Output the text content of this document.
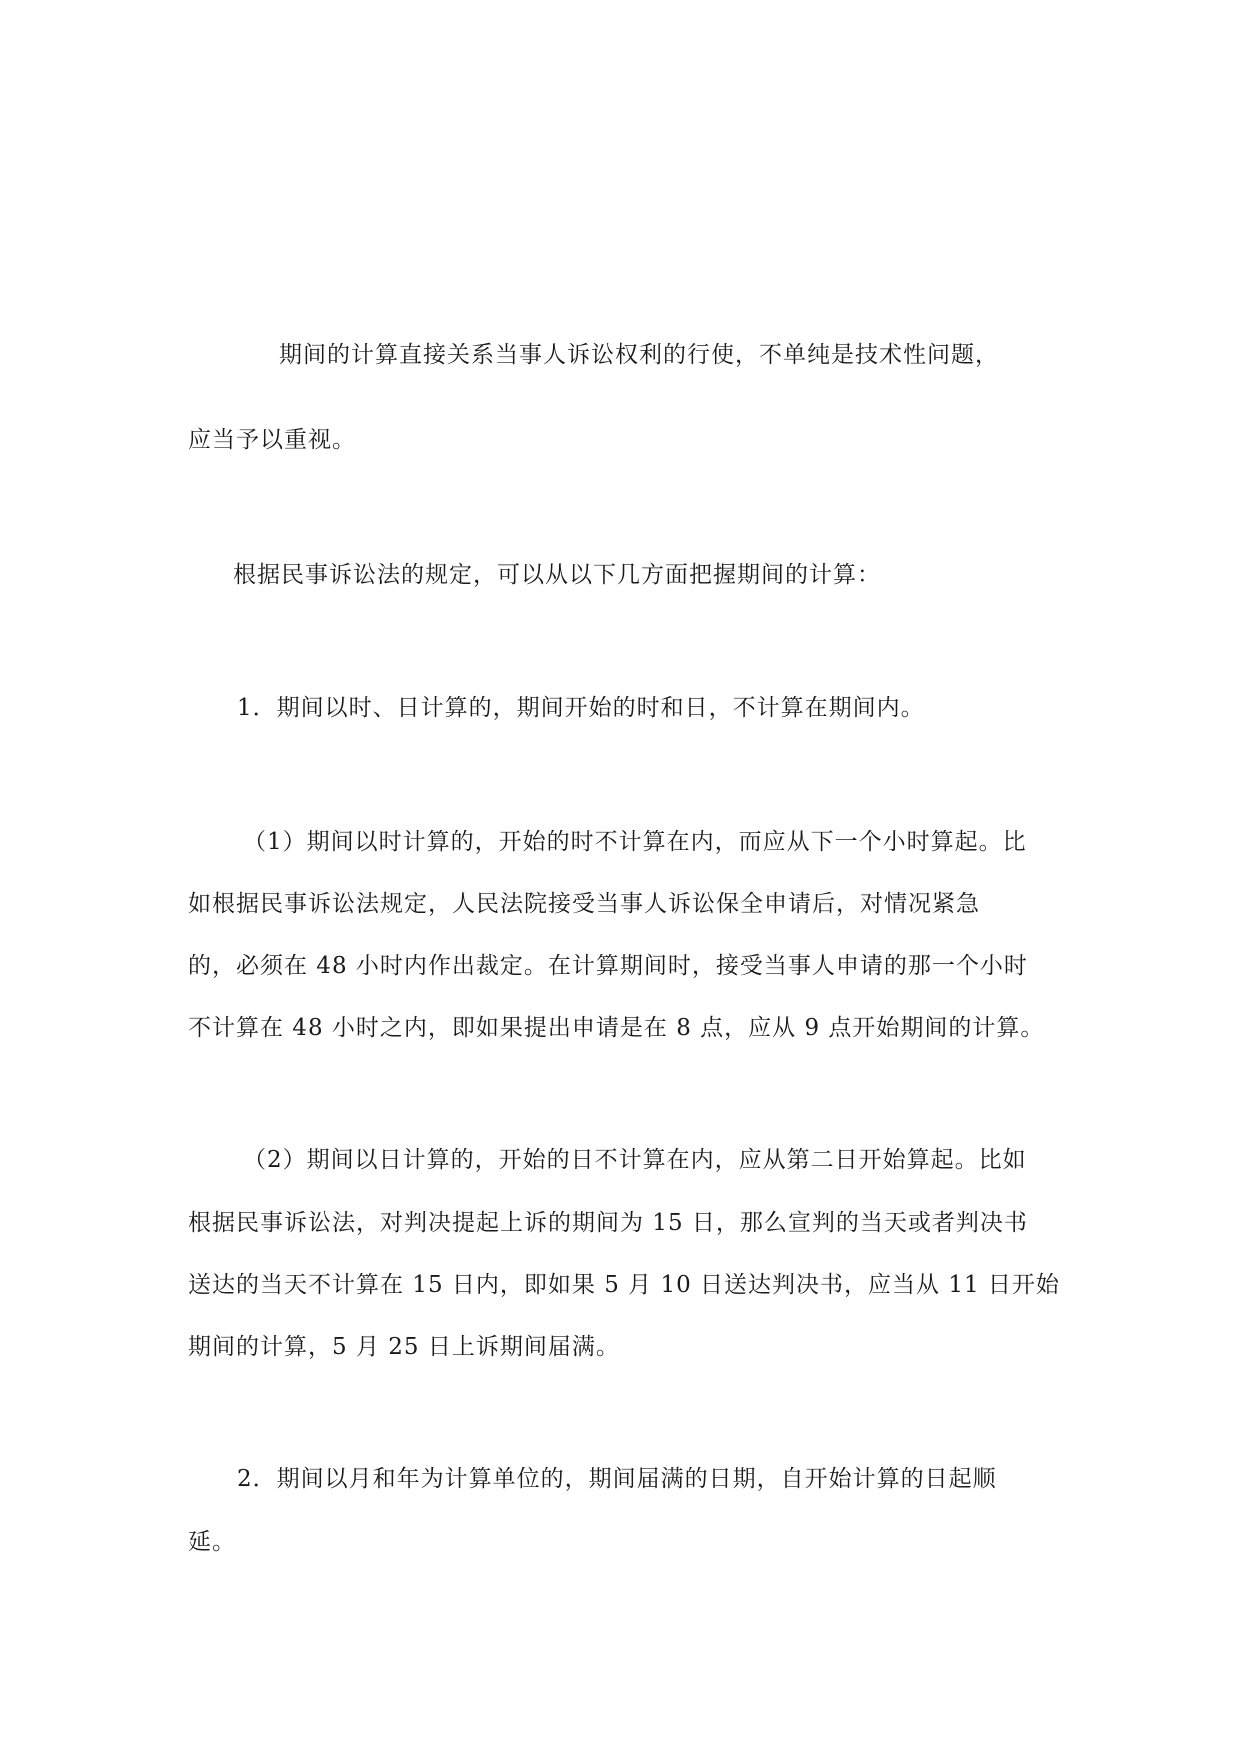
期间的计算直接关系当事人诉讼权利的行使，不单纯是技术性问题，
应当予以重视。
根据民事诉讼法的规定，可以从以下几方面把握期间的计算：
1．期间以时、日计算的，期间开始的时和日，不计算在期间内。
（1）期间以时计算的，开始的时不计算在内，而应从下一个小时算起。比
如根据民事诉讼法规定，人民法院接受当事人诉讼保全申请后，对情况紧急
的，必须在 48 小时内作出裁定。在计算期间时，接受当事人申请的那一个小时
不计算在 48 小时之内，即如果提出申请是在 8 点，应从 9 点开始期间的计算。
（2）期间以日计算的，开始的日不计算在内，应从第二日开始算起。比如
根据民事诉讼法，对判决提起上诉的期间为 15 日，那么宣判的当天或者判决书
送达的当天不计算在 15 日内，即如果 5 月 10 日送达判决书，应当从 11 日开始
期间的计算，5 月 25 日上诉期间届满。
2．期间以月和年为计算单位的，期间届满的日期，自开始计算的日起顺
延。
